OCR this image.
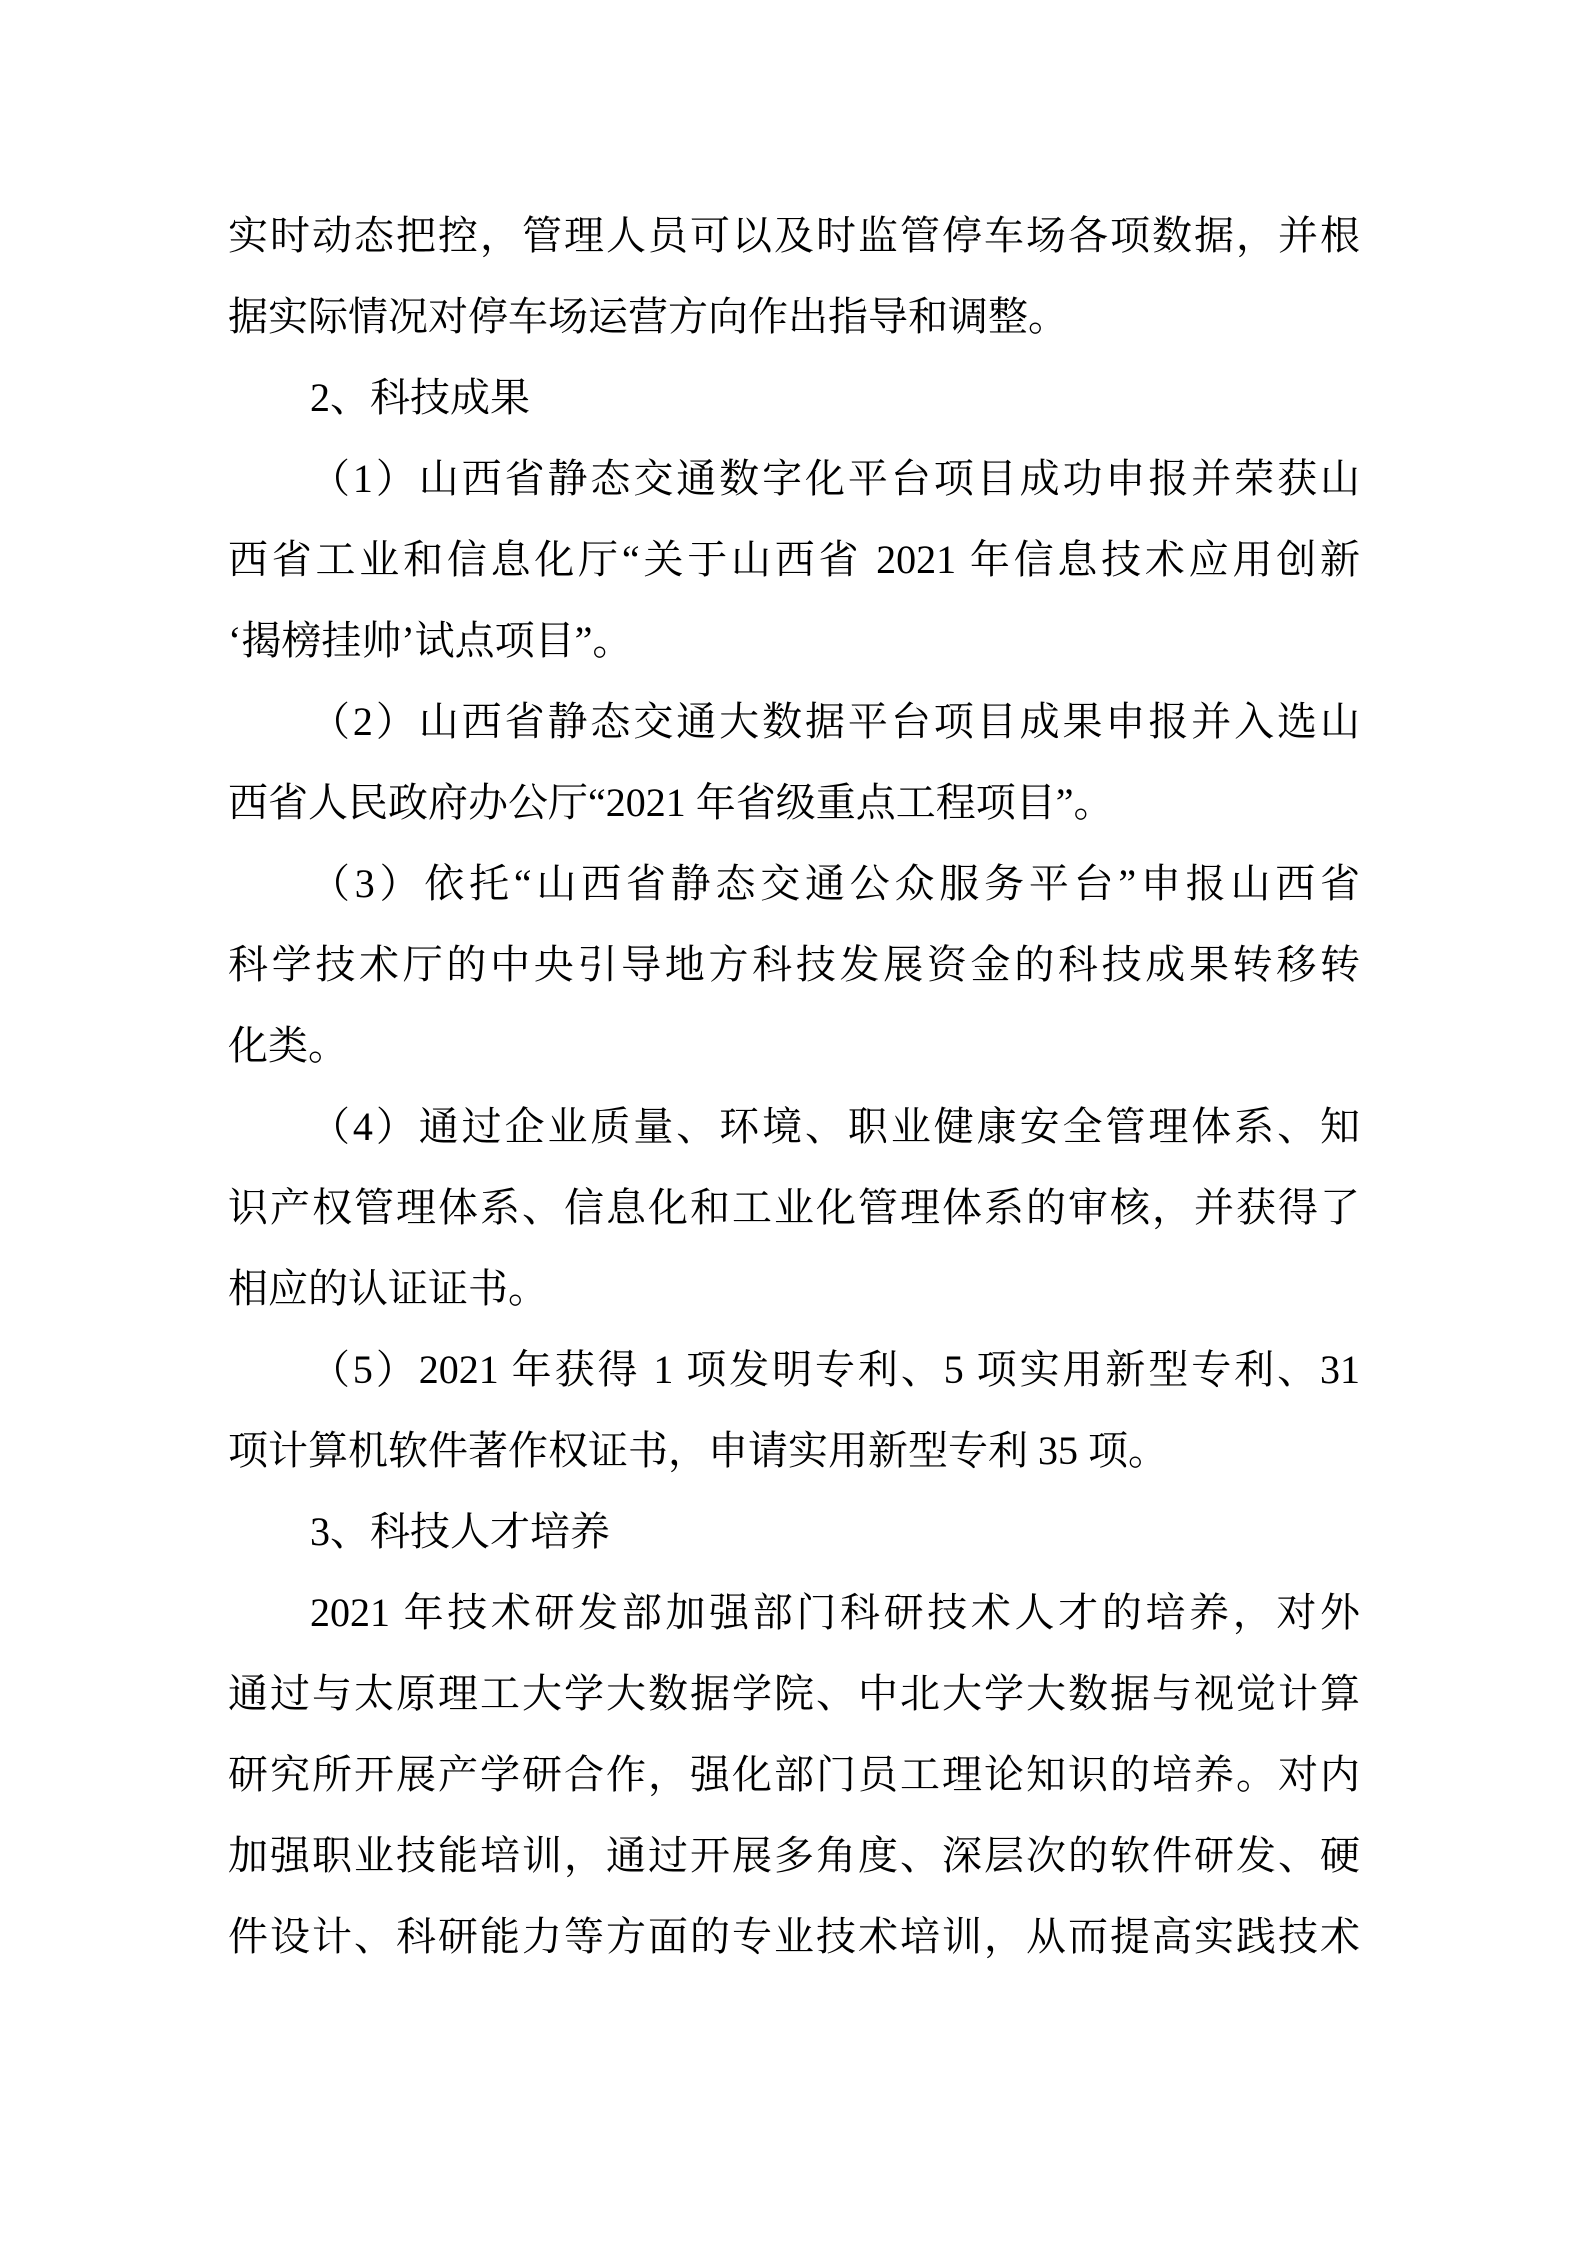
实时动态把控，管理人员可以及时监管停车场各项数据，并根
据实际情况对停车场运营方向作出指导和调整。
2、科技成果
（1）山西省静态交通数字化平台项目成功申报并荣获山
西省工业和信息化厅“关于山西省 2021 年信息技术应用创新
‘揭榜挂帅’试点项目”。
（2）山西省静态交通大数据平台项目成果申报并入选山
西省人民政府办公厅“2021 年省级重点工程项目”。
（3）依托“山西省静态交通公众服务平台”申报山西省
科学技术厅的中央引导地方科技发展资金的科技成果转移转
化类。
（4）通过企业质量、环境、职业健康安全管理体系、知
识产权管理体系、信息化和工业化管理体系的审核，并获得了
相应的认证证书。
（5）2021 年获得 1 项发明专利、5 项实用新型专利、31
项计算机软件著作权证书，申请实用新型专利 35 项。
3、科技人才培养
2021 年技术研发部加强部门科研技术人才的培养，对外
通过与太原理工大学大数据学院、中北大学大数据与视觉计算
研究所开展产学研合作，强化部门员工理论知识的培养。对内
加强职业技能培训，通过开展多角度、深层次的软件研发、硬
件设计、科研能力等方面的专业技术培训，从而提高实践技术
